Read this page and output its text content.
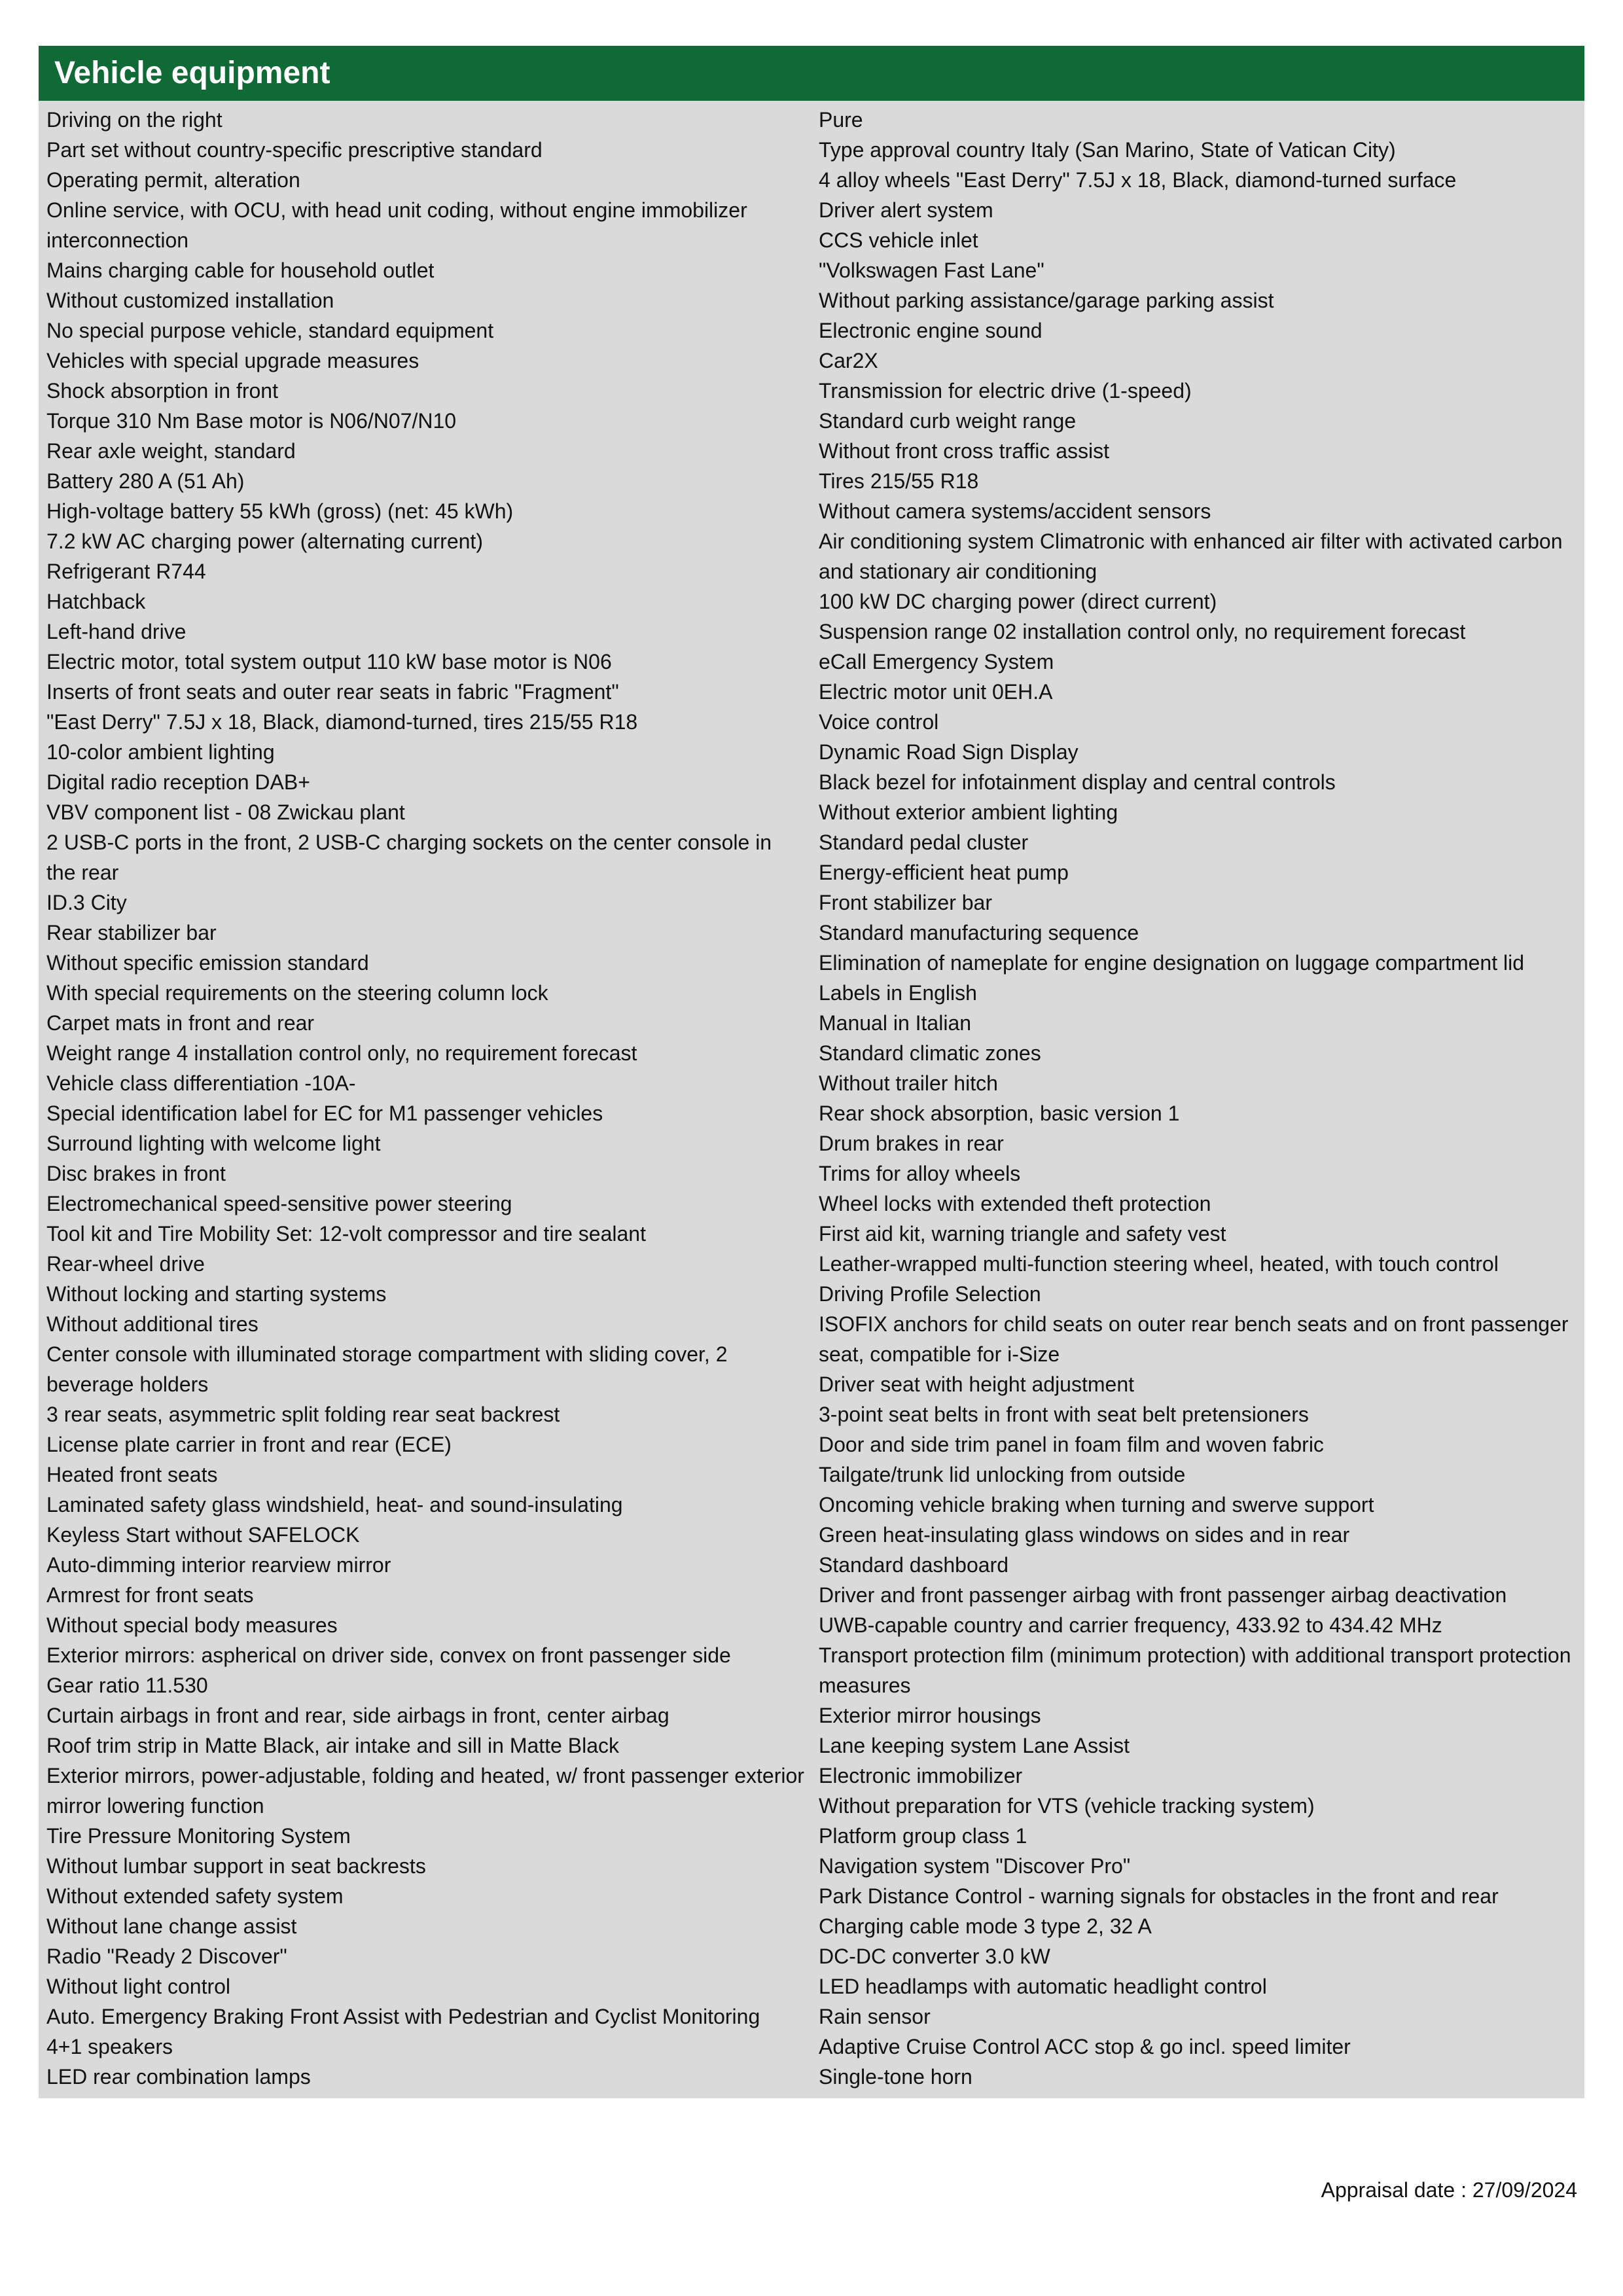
Vehicle equipment
Driving on the right
Part set without country-specific prescriptive standard
Operating permit, alteration
Online service, with OCU, with head unit coding, without engine immobilizer interconnection
Mains charging cable for household outlet
Without customized installation
No special purpose vehicle, standard equipment
Vehicles with special upgrade measures
Shock absorption in front
Torque 310 Nm Base motor is N06/N07/N10
Rear axle weight, standard
Battery 280 A (51 Ah)
High-voltage battery 55 kWh (gross) (net: 45 kWh)
7.2 kW AC charging power (alternating current)
Refrigerant R744
Hatchback
Left-hand drive
Electric motor, total system output 110 kW base motor is N06
Inserts of front seats and outer rear seats in fabric "Fragment"
"East Derry" 7.5J x 18, Black, diamond-turned, tires 215/55 R18
10-color ambient lighting
Digital radio reception DAB+
VBV component list - 08 Zwickau plant
2 USB-C ports in the front, 2 USB-C charging sockets on the center console in the rear
ID.3 City
Rear stabilizer bar
Without specific emission standard
With special requirements on the steering column lock
Carpet mats in front and rear
Weight range 4 installation control only, no requirement forecast
Vehicle class differentiation -10A-
Special identification label for EC for M1 passenger vehicles
Surround lighting with welcome light
Disc brakes in front
Electromechanical speed-sensitive power steering
Tool kit and Tire Mobility Set: 12-volt compressor and tire sealant
Rear-wheel drive
Without locking and starting systems
Without additional tires
Center console with illuminated storage compartment with sliding cover, 2 beverage holders
3 rear seats, asymmetric split folding rear seat backrest
License plate carrier in front and rear (ECE)
Heated front seats
Laminated safety glass windshield, heat- and sound-insulating
Keyless Start without SAFELOCK
Auto-dimming interior rearview mirror
Armrest for front seats
Without special body measures
Exterior mirrors: aspherical on driver side, convex on front passenger side
Gear ratio 11.530
Curtain airbags in front and rear, side airbags in front, center airbag
Roof trim strip in Matte Black, air intake and sill in Matte Black
Exterior mirrors, power-adjustable, folding and heated, w/ front passenger exterior mirror lowering function
Tire Pressure Monitoring System
Without lumbar support in seat backrests
Without extended safety system
Without lane change assist
Radio "Ready 2 Discover"
Without light control
Auto. Emergency Braking Front Assist with Pedestrian and Cyclist Monitoring
4+1 speakers
LED rear combination lamps
Pure
Type approval country Italy (San Marino, State of Vatican City)
4 alloy wheels "East Derry" 7.5J x 18, Black, diamond-turned surface
Driver alert system
CCS vehicle inlet
"Volkswagen Fast Lane"
Without parking assistance/garage parking assist
Electronic engine sound
Car2X
Transmission for electric drive (1-speed)
Standard curb weight range
Without front cross traffic assist
Tires 215/55 R18
Without camera systems/accident sensors
Air conditioning system Climatronic with enhanced air filter with activated carbon and stationary air conditioning
100 kW DC charging power (direct current)
Suspension range 02 installation control only, no requirement forecast
eCall Emergency System
Electric motor unit 0EH.A
Voice control
Dynamic Road Sign Display
Black bezel for infotainment display and central controls
Without exterior ambient lighting
Standard pedal cluster
Energy-efficient heat pump
Front stabilizer bar
Standard manufacturing sequence
Elimination of nameplate for engine designation on luggage compartment lid
Labels in English
Manual in Italian
Standard climatic zones
Without trailer hitch
Rear shock absorption, basic version 1
Drum brakes in rear
Trims for alloy wheels
Wheel locks with extended theft protection
First aid kit, warning triangle and safety vest
Leather-wrapped multi-function steering wheel, heated, with touch control
Driving Profile Selection
ISOFIX anchors for child seats on outer rear bench seats and on front passenger seat, compatible for i-Size
Driver seat with height adjustment
3-point seat belts in front with seat belt pretensioners
Door and side trim panel in foam film and woven fabric
Tailgate/trunk lid unlocking from outside
Oncoming vehicle braking when turning and swerve support
Green heat-insulating glass windows on sides and in rear
Standard dashboard
Driver and front passenger airbag with front passenger airbag deactivation
UWB-capable country and carrier frequency, 433.92 to 434.42 MHz
Transport protection film (minimum protection) with additional transport protection measures
Exterior mirror housings
Lane keeping system Lane Assist
Electronic immobilizer
Without preparation for VTS (vehicle tracking system)
Platform group class 1
Navigation system "Discover Pro"
Park Distance Control - warning signals for obstacles in the front and rear
Charging cable mode 3 type 2, 32 A
DC-DC converter 3.0 kW
LED headlamps with automatic headlight control
Rain sensor
Adaptive Cruise Control ACC stop & go incl. speed limiter
Single-tone horn
Appraisal date : 27/09/2024
